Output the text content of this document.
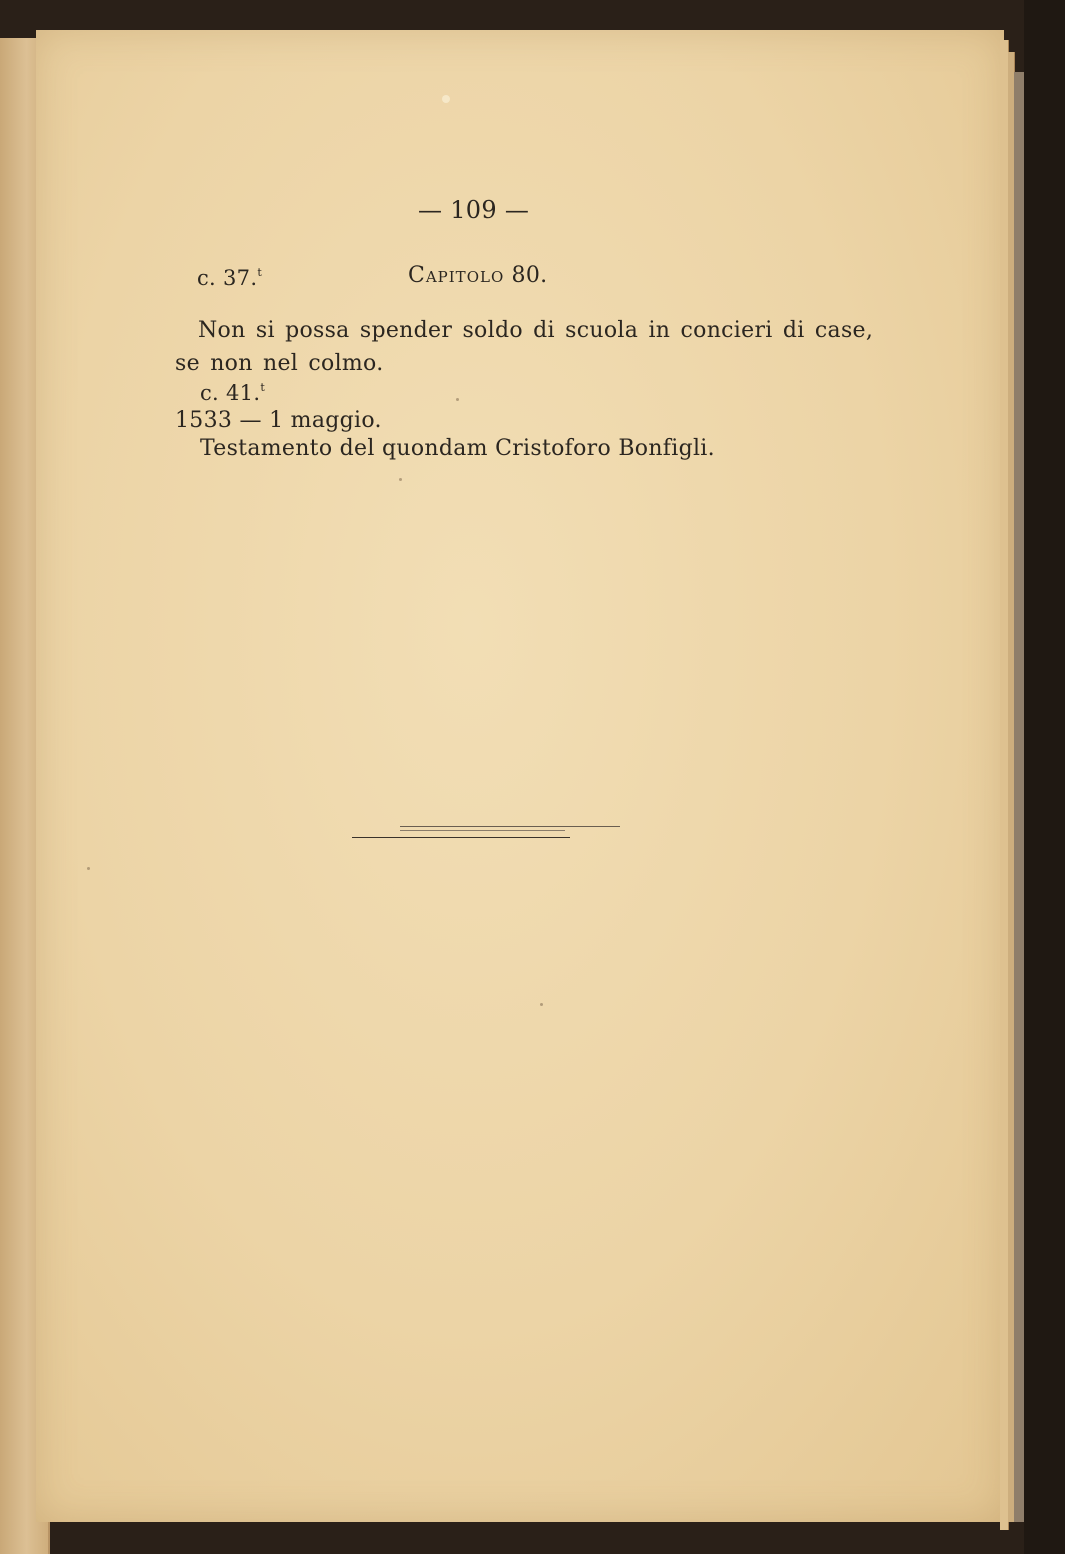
— 109 —
c. 37.$^t$	Capitolo 80.
Non si possa spender soldo di scuola in concieri di case,
se non nel colmo.
c. 41.$^t$
1533 — 1 maggio.
Testamento del quondam Cristoforo Bonfigli.
